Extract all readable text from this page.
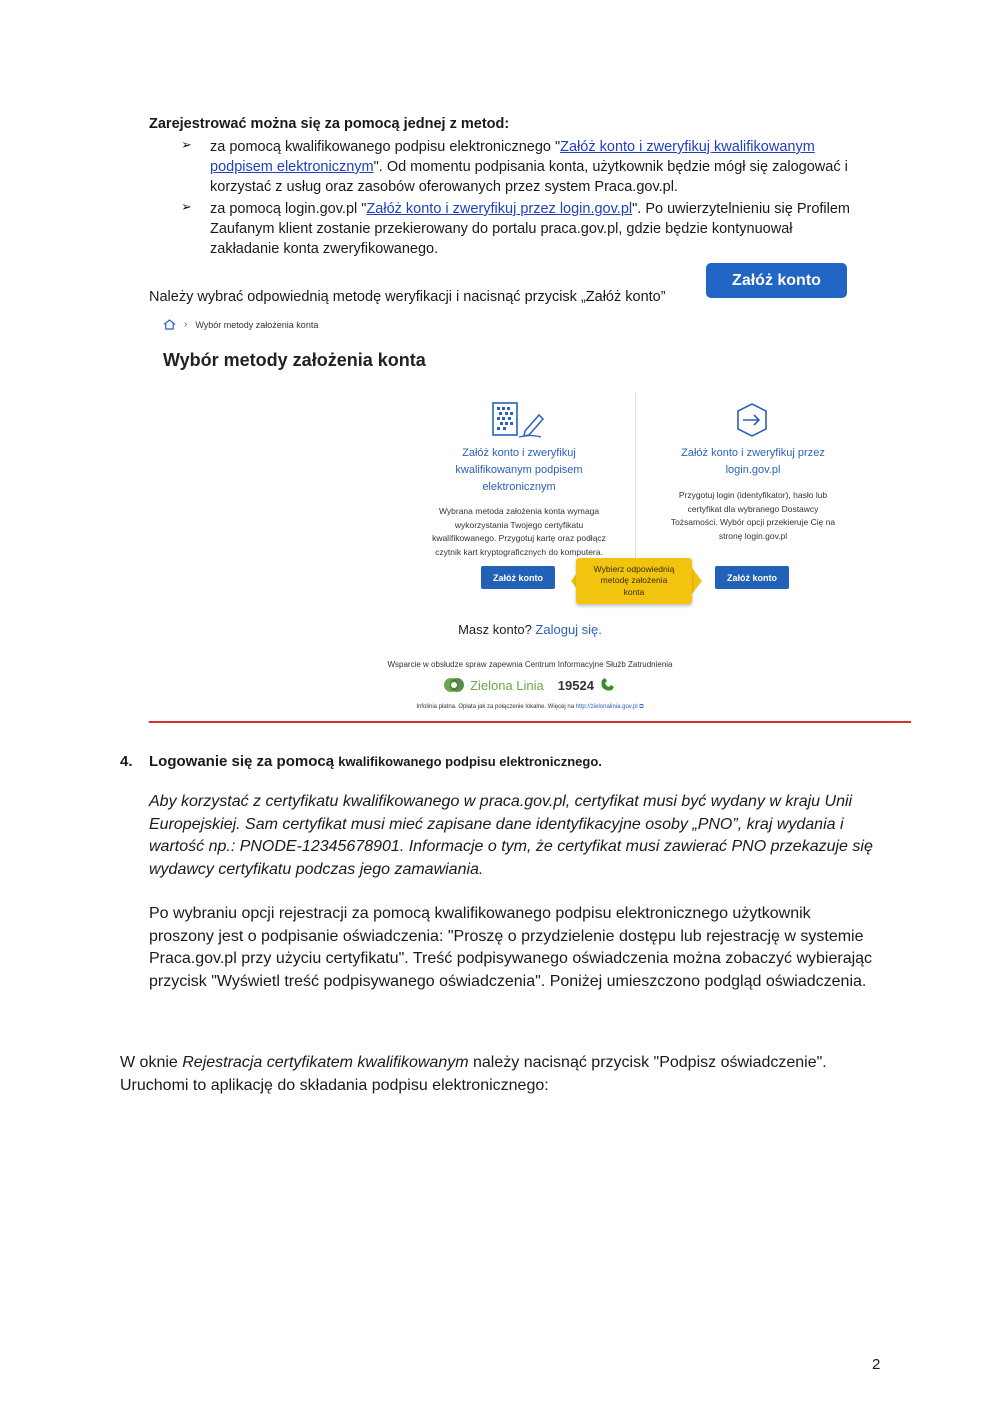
Zarejestrować można się za pomocą jednej z metod:
➢ za pomocą kwalifikowanego podpisu elektronicznego "Załóż konto i zweryfikuj kwalifikowanym
podpisem elektronicznym". Od momentu podpisania konta, użytkownik będzie mógł się zalogować i
korzystać z usług oraz zasobów oferowanych przez system Praca.gov.pl.
➢ za pomocą login.gov.pl "Załóż konto i zweryfikuj przez login.gov.pl". Po uwierzytelnieniu się Profilem
Zaufanym klient zostanie przekierowany do portalu praca.gov.pl, gdzie będzie kontynuował
zakładanie konta zweryfikowanego.
Należy wybrać odpowiednią metodę weryfikacji i nacisnąć przycisk „Załóż konto”
Załóż konto
› Wybór metody założenia konta
Wybór metody założenia konta
Załóż konto i zweryfikuj
kwalifikowanym podpisem
elektronicznym
Wybrana metoda założenia konta wymaga
wykorzystania Twojego certyfikatu
kwalifikowanego. Przygotuj kartę oraz podłącz
czytnik kart kryptograficznych do komputera.
Załóż konto
Załóż konto i zweryfikuj przez
login.gov.pl
Przygotuj login (identyfikator), hasło lub
certyfikat dla wybranego Dostawcy
Tożsamości. Wybór opcji przekieruje Cię na
stronę login.gov.pl
Załóż konto
Wybierz odpowiednią
metodę założenia
konta
Masz konto? Zaloguj się.
Wsparcie w obsłudze spraw zapewnia Centrum Informacyjne Służb Zatrudnienia
Zielona Linia 19524
Infolinia płatna. Opłata jak za połączenie lokalne. Więcej na http://zielonalinia.gov.pl ⧉
4. Logowanie się za pomocą kwalifikowanego podpisu elektronicznego.
Aby korzystać z certyfikatu kwalifikowanego w praca.gov.pl, certyfikat musi być wydany w kraju Unii
Europejskiej. Sam certyfikat musi mieć zapisane dane identyfikacyjne osoby „PNO”, kraj wydania i
wartość np.: PNODE-12345678901. Informacje o tym, że certyfikat musi zawierać PNO przekazuje się
wydawcy certyfikatu podczas jego zamawiania.
Po wybraniu opcji rejestracji za pomocą kwalifikowanego podpisu elektronicznego użytkownik
proszony jest o podpisanie oświadczenia: "Proszę o przydzielenie dostępu lub rejestrację w systemie
Praca.gov.pl przy użyciu certyfikatu". Treść podpisywanego oświadczenia można zobaczyć wybierając
przycisk "Wyświetl treść podpisywanego oświadczenia". Poniżej umieszczono podgląd oświadczenia.
W oknie Rejestracja certyfikatem kwalifikowanym należy nacisnąć przycisk "Podpisz oświadczenie".
Uruchomi to aplikację do składania podpisu elektronicznego:
2
